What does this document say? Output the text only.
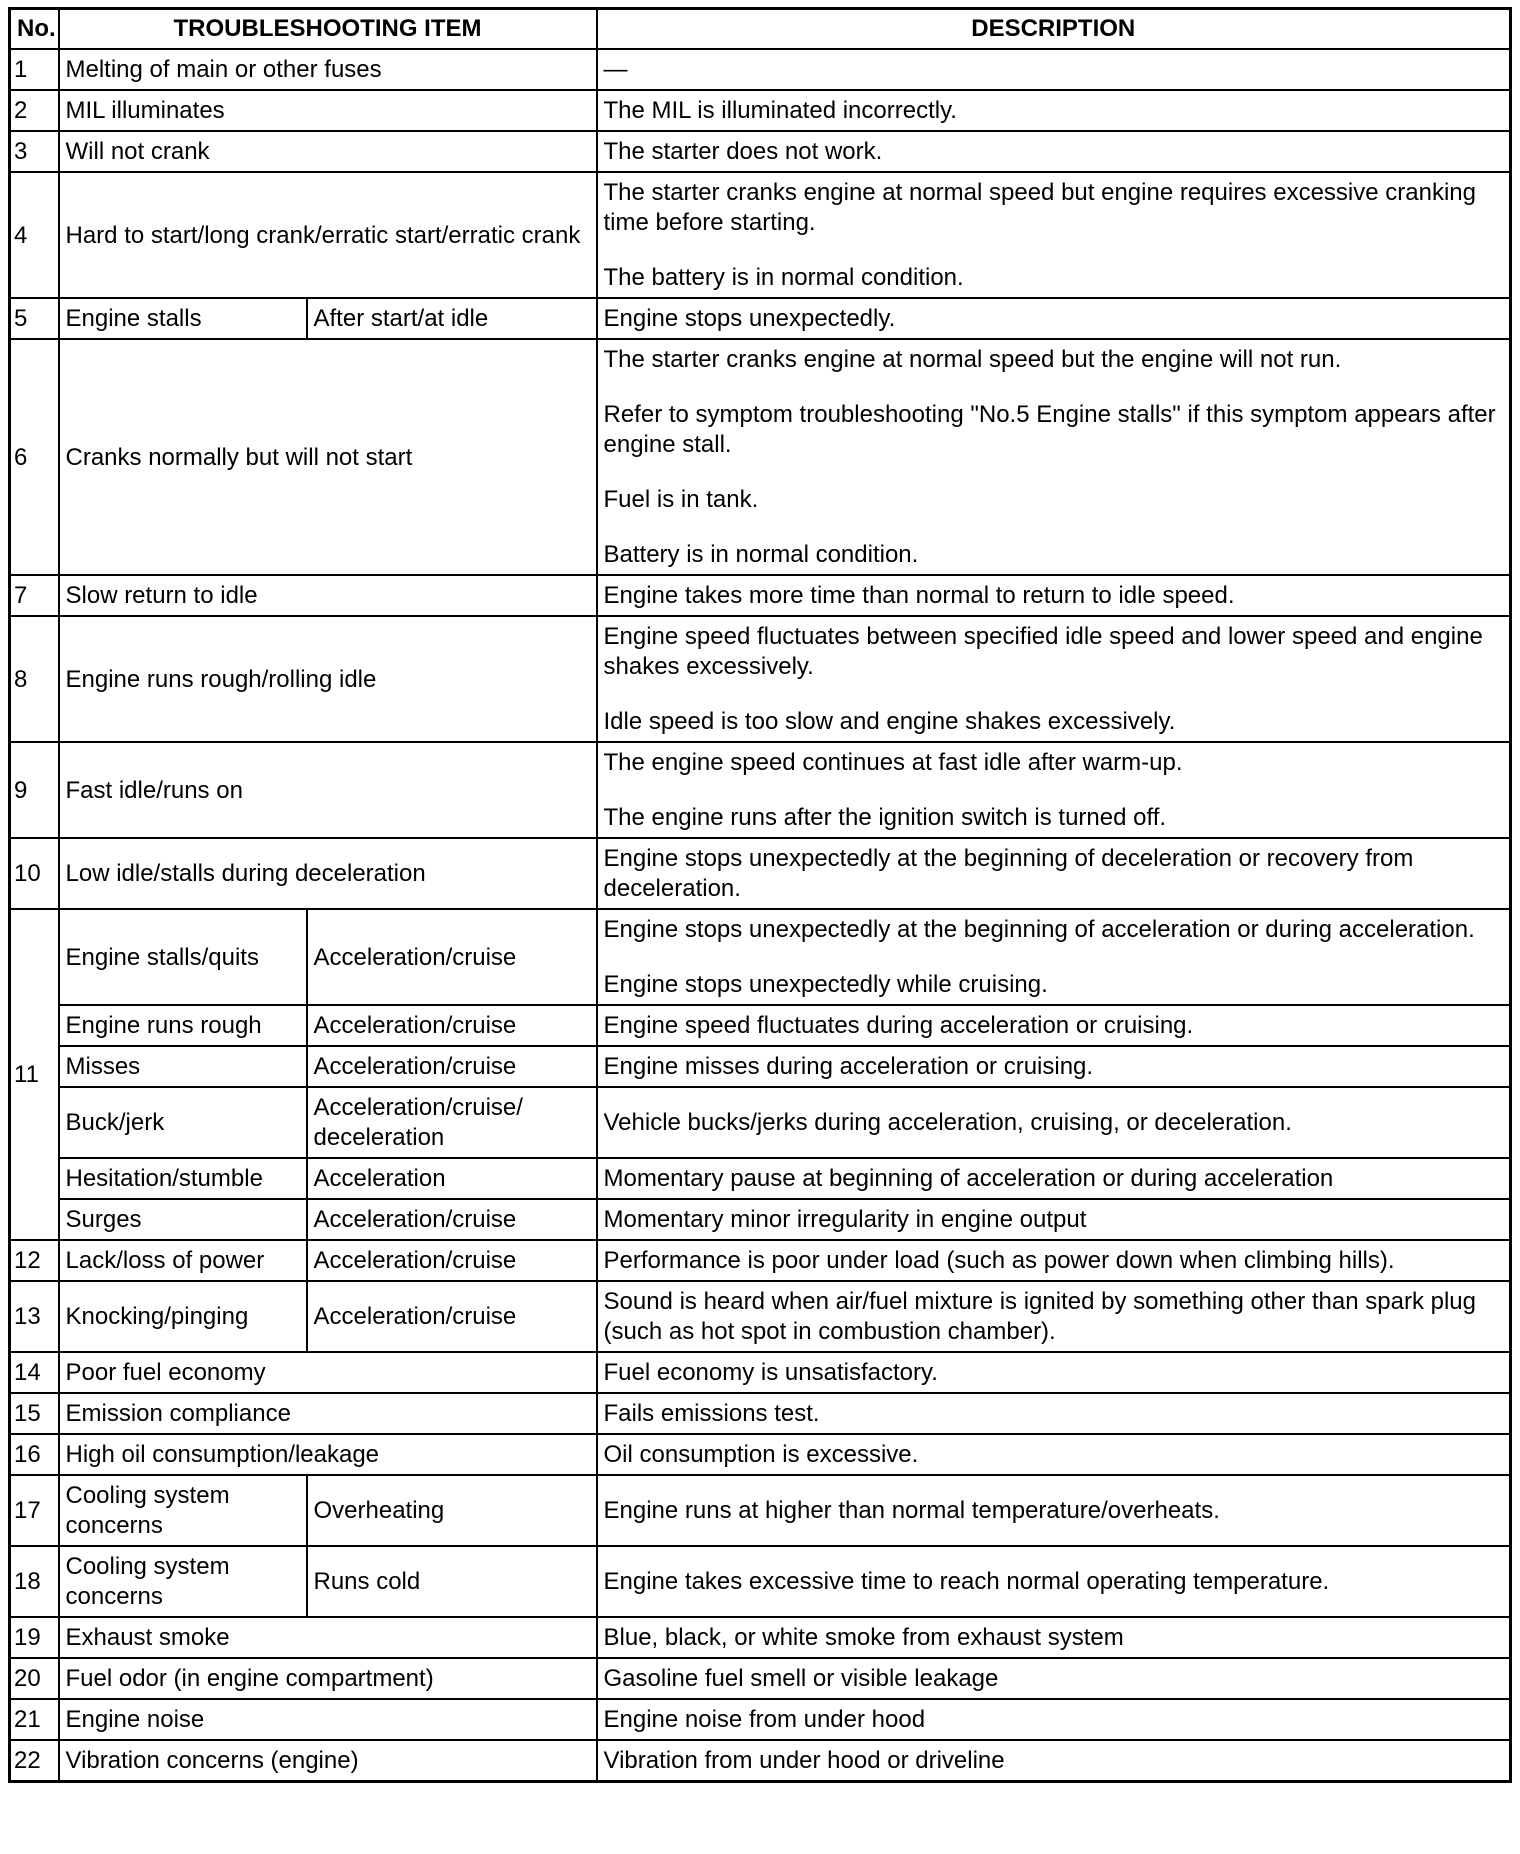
No.	TROUBLESHOOTING ITEM		DESCRIPTION
1	Melting of main or other fuses		—

2	MIL illuminates		The MIL is illuminated incorrectly.

3	Will not crank		The starter does not work.

4	Hard to start/long crank/erratic start/erratic crank		The starter cranks engine at normal speed but engine requires excessive cranking time before starting.

The battery is in normal condition.

5	Engine stalls	After start/at idle	Engine stops unexpectedly.

6	Cranks normally but will not start		The starter cranks engine at normal speed but the engine will not run.

Refer to symptom troubleshooting "No.5 Engine stalls" if this symptom appears after engine stall.

Fuel is in tank.

Battery is in normal condition.

7	Slow return to idle		Engine takes more time than normal to return to idle speed.

8	Engine runs rough/rolling idle		Engine speed fluctuates between specified idle speed and lower speed and engine shakes excessively.

Idle speed is too slow and engine shakes excessively.

9	Fast idle/runs on		The engine speed continues at fast idle after warm-up.

The engine runs after the ignition switch is turned off.

10	Low idle/stalls during deceleration		Engine stops unexpectedly at the beginning of deceleration or recovery from deceleration.

11	Engine stalls/quits	Acceleration/cruise	Engine stops unexpectedly at the beginning of acceleration or during acceleration.

Engine stops unexpectedly while cruising.

	Engine runs rough	Acceleration/cruise	Engine speed fluctuates during acceleration or cruising.

	Misses	Acceleration/cruise	Engine misses during acceleration or cruising.

	Buck/jerk	Acceleration/cruise/ deceleration	Vehicle bucks/jerks during acceleration, cruising, or deceleration.

	Hesitation/stumble	Acceleration	Momentary pause at beginning of acceleration or during acceleration

	Surges	Acceleration/cruise	Momentary minor irregularity in engine output

12	Lack/loss of power	Acceleration/cruise	Performance is poor under load (such as power down when climbing hills).

13	Knocking/pinging	Acceleration/cruise	Sound is heard when air/fuel mixture is ignited by something other than spark plug (such as hot spot in combustion chamber).

14	Poor fuel economy		Fuel economy is unsatisfactory.

15	Emission compliance		Fails emissions test.

16	High oil consumption/leakage		Oil consumption is excessive.

17	Cooling system concerns	Overheating	Engine runs at higher than normal temperature/overheats.

18	Cooling system concerns	Runs cold	Engine takes excessive time to reach normal operating temperature.

19	Exhaust smoke		Blue, black, or white smoke from exhaust system

20	Fuel odor (in engine compartment)		Gasoline fuel smell or visible leakage

21	Engine noise		Engine noise from under hood

22	Vibration concerns (engine)		Vibration from under hood or driveline
